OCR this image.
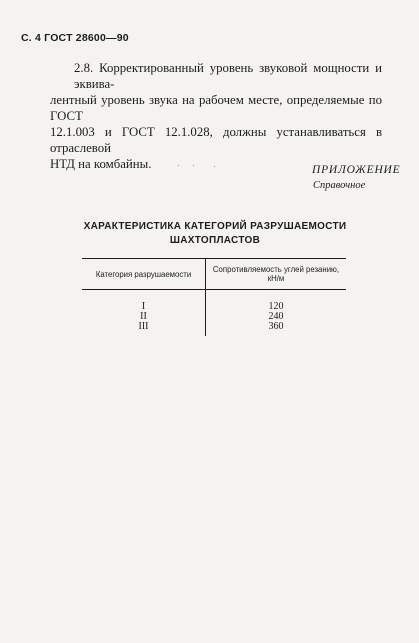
С. 4 ГОСТ 28600—90
2.8. Корректированный уровень звуковой мощности и эквива-
лентный уровень звука на рабочем месте, определяемые по ГОСТ
12.1.003 и ГОСТ 12.1.028, должны устанавливаться в отраслевой
НТД на комбайны.	ПРИЛОЖЕНИЕ
Справочное
ХАРАКТЕРИСТИКА КАТЕГОРИЙ РАЗРУШАЕМОСТИ
ШАХТОПЛАСТОВ
Категория разрушаемости	Сопротивляемость углей резанию, кН/м
I	120
II	240
III	360
